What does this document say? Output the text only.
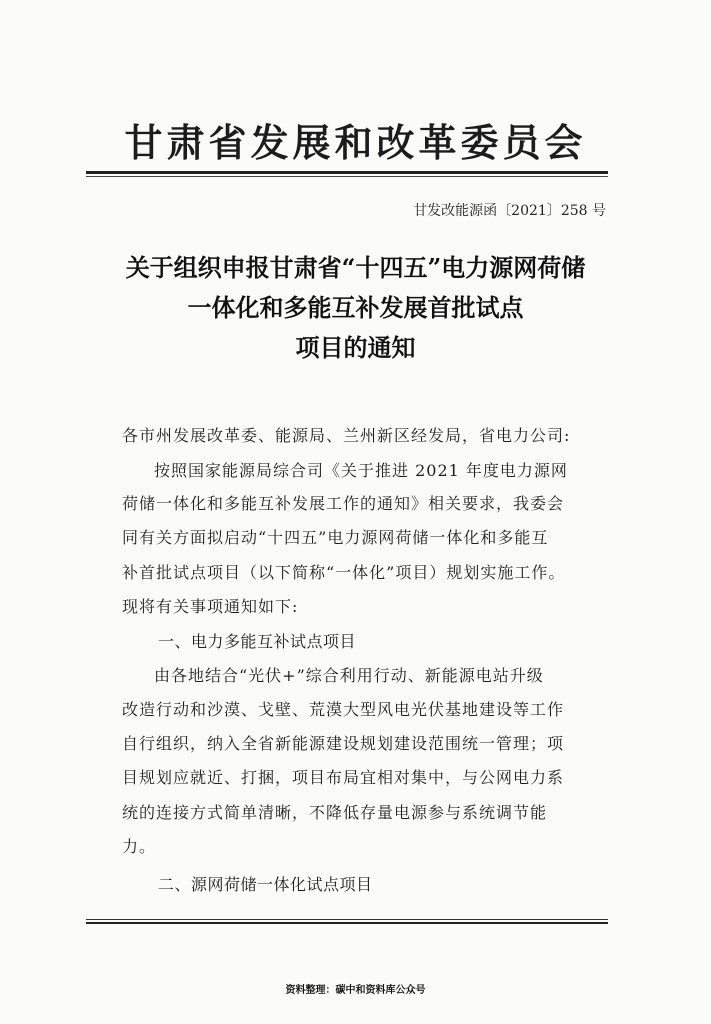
甘肃省发展和改革委员会
甘发改能源函〔2021〕258 号
关于组织申报甘肃省“十四五”电力源网荷储
一体化和多能互补发展首批试点
项目的通知
各市州发展改革委、能源局、兰州新区经发局，省电力公司:
按照国家能源局综合司《关于推进 2021 年度电力源网
荷储一体化和多能互补发展工作的通知》相关要求，我委会
同有关方面拟启动“十四五”电力源网荷储一体化和多能互
补首批试点项目（以下简称“一体化”项目）规划实施工作。
现将有关事项通知如下:
一、电力多能互补试点项目
由各地结合“光伏+”综合利用行动、新能源电站升级
改造行动和沙漠、戈壁、荒漠大型风电光伏基地建设等工作
自行组织，纳入全省新能源建设规划建设范围统一管理；项
目规划应就近、打捆，项目布局宜相对集中，与公网电力系
统的连接方式简单清晰，不降低存量电源参与系统调节能
力。
二、源网荷储一体化试点项目
资料整理：碳中和资料库公众号
